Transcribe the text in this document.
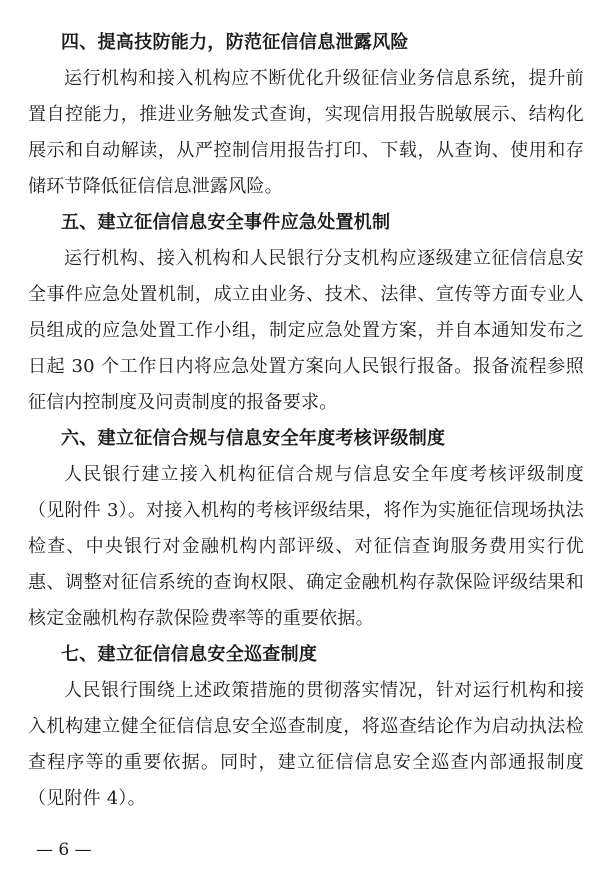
四、提高技防能力，防范征信信息泄露风险

运行机构和接入机构应不断优化升级征信业务信息系统，提升前置自控能力，推进业务触发式查询，实现信用报告脱敏展示、结构化展示和自动解读，从严控制信用报告打印、下载，从查询、使用和存储环节降低征信信息泄露风险。

五、建立征信信息安全事件应急处置机制

运行机构、接入机构和人民银行分支机构应逐级建立征信信息安全事件应急处置机制，成立由业务、技术、法律、宣传等方面专业人员组成的应急处置工作小组，制定应急处置方案，并自本通知发布之日起 30 个工作日内将应急处置方案向人民银行报备。报备流程参照征信内控制度及问责制度的报备要求。

六、建立征信合规与信息安全年度考核评级制度

人民银行建立接入机构征信合规与信息安全年度考核评级制度（见附件 3）。对接入机构的考核评级结果，将作为实施征信现场执法检查、中央银行对金融机构内部评级、对征信查询服务费用实行优惠、调整对征信系统的查询权限、确定金融机构存款保险评级结果和核定金融机构存款保险费率等的重要依据。

七、建立征信信息安全巡查制度

人民银行围绕上述政策措施的贯彻落实情况，针对运行机构和接入机构建立健全征信信息安全巡查制度，将巡查结论作为启动执法检查程序等的重要依据。同时，建立征信信息安全巡查内部通报制度（见附件 4）。

— 6 —
